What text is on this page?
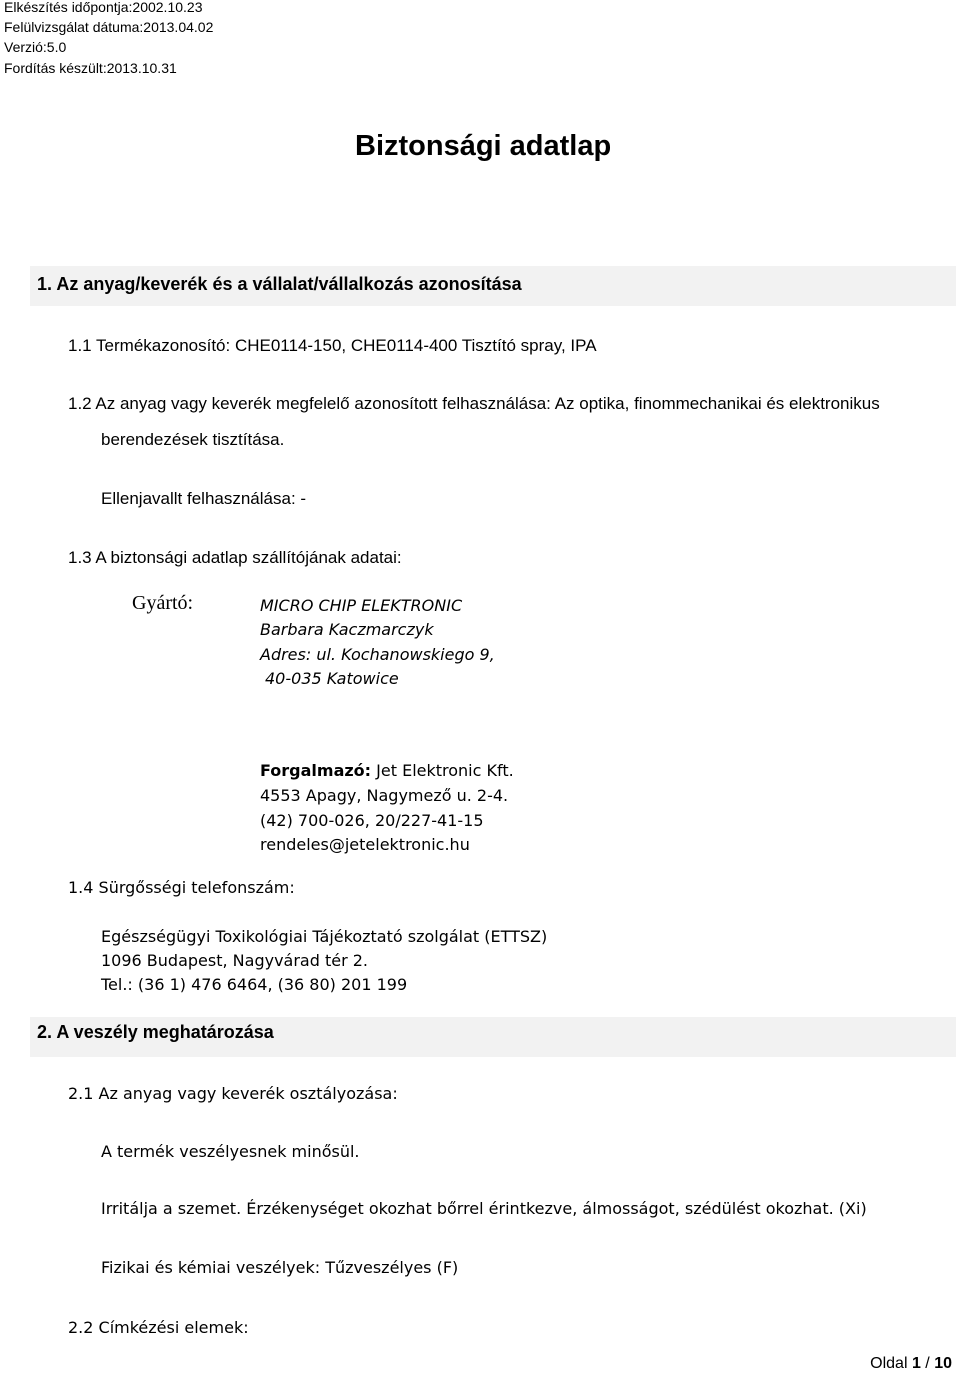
Elkészítés időpontja:2002.10.23
Felülvizsgálat dátuma:2013.04.02
Verzió:5.0
Fordítás készült:2013.10.31
Biztonsági adatlap
1. Az anyag/keverék és a vállalat/vállalkozás azonosítása
1.1 Termékazonosító: CHE0114-150, CHE0114-400 Tisztító spray, IPA
1.2 Az anyag vagy keverék megfelelő azonosított felhasználása: Az optika, finommechanikai és elektronikus
berendezések tisztítása.
Ellenjavallt felhasználása: -
1.3 A biztonsági adatlap szállítójának adatai:
Gyártó:	MICRO CHIP ELEKTRONIC
Barbara Kaczmarczyk
Adres: ul. Kochanowskiego 9,
40-035 Katowice
Forgalmazó: Jet Elektronic Kft.
4553 Apagy, Nagymező u. 2-4.
(42) 700-026, 20/227-41-15
rendeles@jetelektronic.hu
1.4 Sürgősségi telefonszám:
Egészségügyi Toxikológiai Tájékoztató szolgálat (ETTSZ)
1096 Budapest, Nagyvárad tér 2.
Tel.: (36 1) 476 6464, (36 80) 201 199
2. A veszély meghatározása
2.1 Az anyag vagy keverék osztályozása:
A termék veszélyesnek minősül.
Irritálja a szemet. Érzékenységet okozhat bőrrel érintkezve, álmosságot, szédülést okozhat. (Xi)
Fizikai és kémiai veszélyek: Tűzveszélyes (F)
2.2 Címkézési elemek:
Oldal 1 / 10
